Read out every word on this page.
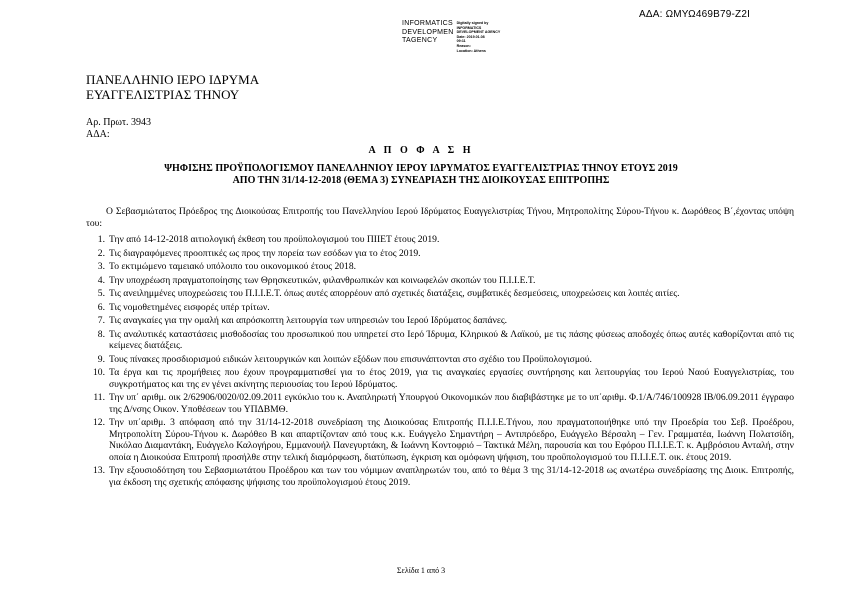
ΑΔΑ: ΩΜΥΩ469Β79-Ζ2Ι
INFORMATICS
DEVELOPMEN
TAGENCY
Digitally signed by
INFORMATICS
DEVELOPMENT AGENCY
Date: 2019.01.08
09:11
Reason:
Location: Athens
ΠΑΝΕΛΛΗΝΙΟ ΙΕΡΟ ΙΔΡΥΜΑ
ΕΥΑΓΓΕΛΙΣΤΡΙΑΣ ΤΗΝΟΥ
Αρ. Πρωτ. 3943
ΑΔΑ:
Α Π Ο Φ Α Σ Η
ΨΗΦΙΣΗΣ ΠΡΟΫΠΟΛΟΓΙΣΜΟΥ ΠΑΝΕΛΛΗΝΙΟΥ ΙΕΡΟΥ ΙΔΡΥΜΑΤΟΣ ΕΥΑΓΓΕΛΙΣΤΡΙΑΣ ΤΗΝΟΥ ΕΤΟΥΣ 2019
ΑΠΟ ΤΗΝ 31/14-12-2018 (ΘΕΜΑ 3) ΣΥΝΕΔΡΙΑΣΗ ΤΗΣ ΔΙΟΙΚΟΥΣΑΣ ΕΠΙΤΡΟΠΗΣ
Ο Σεβασμιώτατος Πρόεδρος της Διοικούσας Επιτροπής του Πανελληνίου Ιερού Ιδρύματος Ευαγγελιστρίας Τήνου, Μητροπολίτης Σύρου-Τήνου κ. Δωρόθεος Β΄,έχοντας υπόψη του:
1. Την από 14-12-2018 αιτιολογική έκθεση του προϋπολογισμού του ΠΙΙΕΤ έτους 2019.
2. Τις διαγραφόμενες προοπτικές ως προς την πορεία των εσόδων για το έτος 2019.
3. Το εκτιμώμενο ταμειακό υπόλοιπο του οικονομικού έτους 2018.
4. Την υποχρέωση πραγματοποίησης των Θρησκευτικών, φιλανθρωπικών και κοινωφελών σκοπών του Π.Ι.Ι.Ε.Τ.
5. Τις ανειλημμένες υποχρεώσεις του Π.Ι.Ι.Ε.Τ. όπως αυτές απορρέουν από σχετικές διατάξεις, συμβατικές δεσμεύσεις, υποχρεώσεις και λοιπές αιτίες.
6. Τις νομοθετημένες εισφορές υπέρ τρίτων.
7. Τις αναγκαίες για την ομαλή και απρόσκοπτη λειτουργία των υπηρεσιών του Ιερού Ιδρύματος δαπάνες.
8. Τις αναλυτικές καταστάσεις μισθοδοσίας του προσωπικού που υπηρετεί στο Ιερό Ίδρυμα, Κληρικού & Λαϊκού, με τις πάσης φύσεως αποδοχές όπως αυτές καθορίζονται από τις κείμενες διατάξεις.
9. Τους πίνακες προσδιορισμού ειδικών λειτουργικών και λοιπών εξόδων που επισυνάπτονται στο σχέδιο του Προϋπολογισμού.
10. Τα έργα και τις προμήθειες που έχουν προγραμματισθεί για το έτος 2019, για τις αναγκαίες εργασίες συντήρησης και λειτουργίας του Ιερού Ναού Ευαγγελιστρίας, του συγκροτήματος και της εν γένει ακίνητης περιουσίας του Ιερού Ιδρύματος.
11. Την υπ΄ αριθμ. οικ 2/62906/0020/02.09.2011 εγκύκλιο του κ. Αναπληρωτή Υπουργού Οικονομικών που διαβιβάστηκε με το υπ΄αριθμ. Φ.1/Α/746/100928 ΙΒ/06.09.2011 έγγραφο της Δ/νσης Οικον. Υποθέσεων του ΥΠΔΒΜΘ.
12. Την υπ΄αριθμ. 3 απόφαση από την 31/14-12-2018 συνεδρίαση της Διοικούσας Επιτροπής Π.Ι.Ι.Ε.Τήνου, που πραγματοποιήθηκε υπό την Προεδρία του Σεβ. Προέδρου, Μητροπολίτη Σύρου-Τήνου κ. Δωρόθεο Β και απαρτίζονταν από τους κ.κ. Ευάγγελο Σημαντήρη – Αντιπρόεδρο, Ευάγγελο Βέρσαλη – Γεν. Γραμματέα, Ιωάννη Πολατσίδη, Νικόλαο Διαμαντάκη, Ευάγγελο Καλογήρου, Εμμανουήλ Πανεγυρτάκη, & Ιωάννη Κοντοφριό – Τακτικά Μέλη, παρουσία και του Εφόρου Π.Ι.Ι.Ε.Τ. κ. Αμβρόσιου Ανταλή, στην οποία η Διοικούσα Επιτροπή προσήλθε στην τελική διαμόρφωση, διατύπωση, έγκριση και ομόφωνη ψήφιση, του προϋπολογισμού του Π.Ι.Ι.Ε.Τ. οικ. έτους 2019.
13. Την εξουσιοδότηση του Σεβασμιωτάτου Προέδρου και των του νόμιμων αναπληρωτών του, από το θέμα 3 της 31/14-12-2018 ως ανωτέρω συνεδρίασης της Διοικ. Επιτροπής, για έκδοση της σχετικής απόφασης ψήφισης του προϋπολογισμού έτους 2019.
Σελίδα 1 από 3
